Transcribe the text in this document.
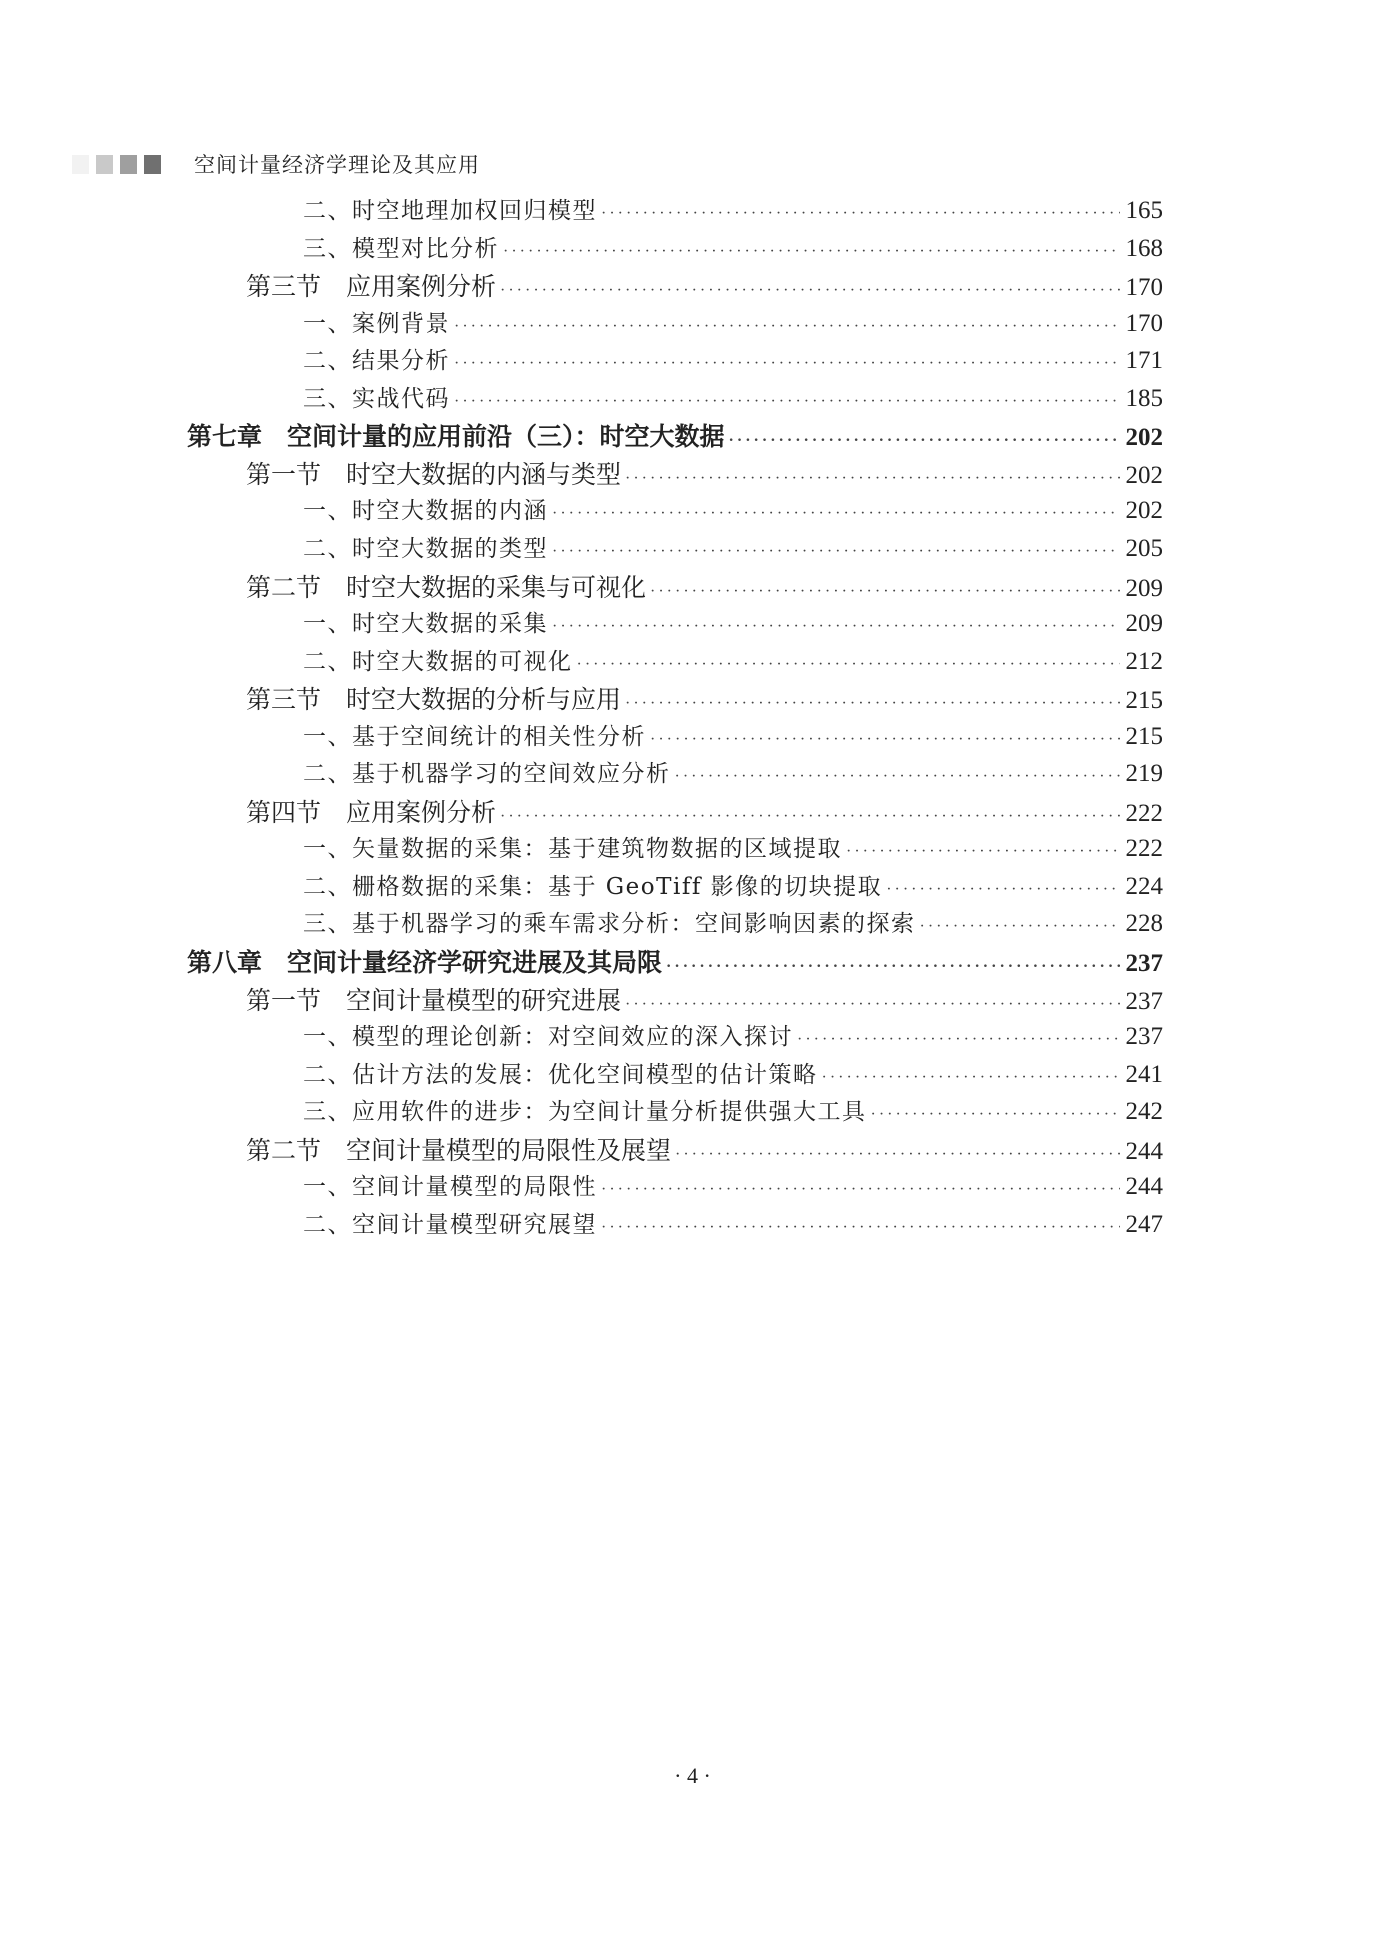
空间计量经济学理论及其应用
二、时空地理加权回归模型 ·····	165
三、模型对比分析 ·····	168
第三节　应用案例分析 ·····	170
一、案例背景 ·····	170
二、结果分析 ·····	171
三、实战代码 ·····	185
第七章　空间计量的应用前沿（三）：时空大数据 ·····	202
第一节　时空大数据的内涵与类型 ·····	202
一、时空大数据的内涵 ·····	202
二、时空大数据的类型 ·····	205
第二节　时空大数据的采集与可视化 ·····	209
一、时空大数据的采集 ·····	209
二、时空大数据的可视化 ·····	212
第三节　时空大数据的分析与应用 ·····	215
一、基于空间统计的相关性分析 ·····	215
二、基于机器学习的空间效应分析 ·····	219
第四节　应用案例分析 ·····	222
一、矢量数据的采集：基于建筑物数据的区域提取 ·····	222
二、栅格数据的采集：基于 GeoTiff 影像的切块提取 ·····	224
三、基于机器学习的乘车需求分析：空间影响因素的探索 ·····	228
第八章　空间计量经济学研究进展及其局限 ·····	237
第一节　空间计量模型的研究进展 ·····	237
一、模型的理论创新：对空间效应的深入探讨 ·····	237
二、估计方法的发展：优化空间模型的估计策略 ·····	241
三、应用软件的进步：为空间计量分析提供强大工具 ·····	242
第二节　空间计量模型的局限性及展望 ·····	244
一、空间计量模型的局限性 ·····	244
二、空间计量模型研究展望 ·····	247
· 4 ·
